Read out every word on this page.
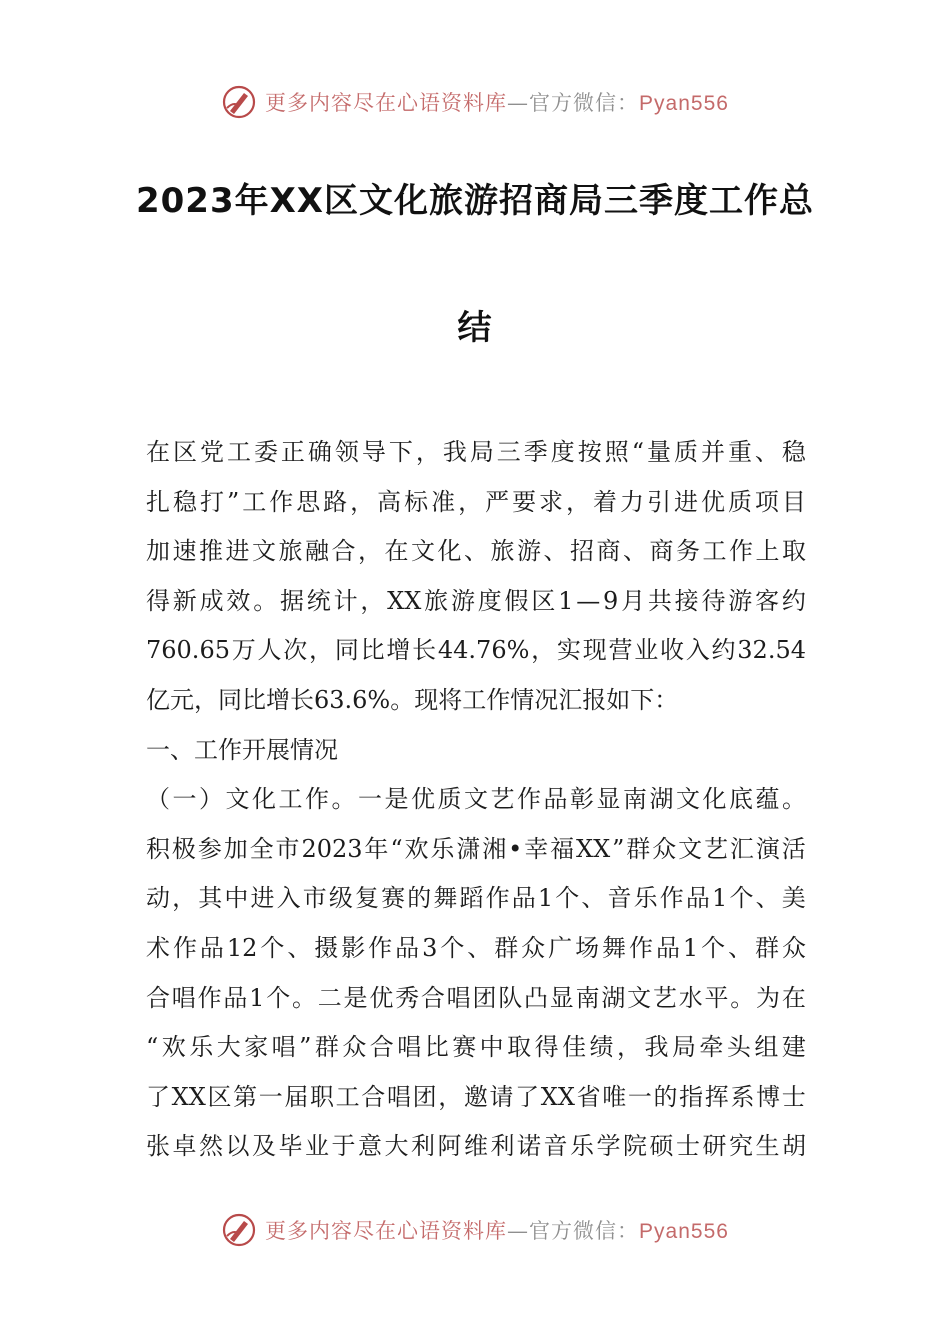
更多内容尽在心语资料库—官方微信：Pyan556
2023年XX区文化旅游招商局三季度工作总
结
在 区 党 工 委 正 确 领 导 下 ， 我 局 三 季 度 按 照 “ 量 质 并 重 、 稳
扎 稳 打 ” 工 作 思 路 ， 高 标 准 ， 严 要 求 ， 着 力 引 进 优 质 项 目
加 速 推 进 文 旅 融 合 ， 在 文 化 、 旅 游 、 招 商 、 商 务 工 作 上 取
得 新 成 效 。 据 统 计 ， XX 旅 游 度 假 区 1 — 9 月 共 接 待 游 客 约
760.65 万 人 次 ， 同 比 增 长 44.76% ， 实 现 营 业 收 入 约 32.54
亿元，同比增长63.6%。现将工作情况汇报如下：
一、工作开展情况
（ 一 ） 文 化 工 作 。 一 是 优 质 文 艺 作 品 彰 显 南 湖 文 化 底 蕴 。
积 极 参 加 全 市 2023 年 “ 欢 乐 潇 湘 • 幸 福 XX ” 群 众 文 艺 汇 演 活
动 ， 其 中 进 入 市 级 复 赛 的 舞 蹈 作 品 1 个 、 音 乐 作 品 1 个 、 美
术 作 品 12 个 、 摄 影 作 品 3 个 、 群 众 广 场 舞 作 品 1 个 、 群 众
合 唱 作 品 1 个 。 二 是 优 秀 合 唱 团 队 凸 显 南 湖 文 艺 水 平 。 为 在
“ 欢 乐 大 家 唱 ” 群 众 合 唱 比 赛 中 取 得 佳 绩 ， 我 局 牵 头 组 建
了 XX 区 第 一 届 职 工 合 唱 团 ， 邀 请 了 XX 省 唯 一 的 指 挥 系 博 士
张 卓 然 以 及 毕 业 于 意 大 利 阿 维 利 诺 音 乐 学 院 硕 士 研 究 生 胡
更多内容尽在心语资料库—官方微信：Pyan556
